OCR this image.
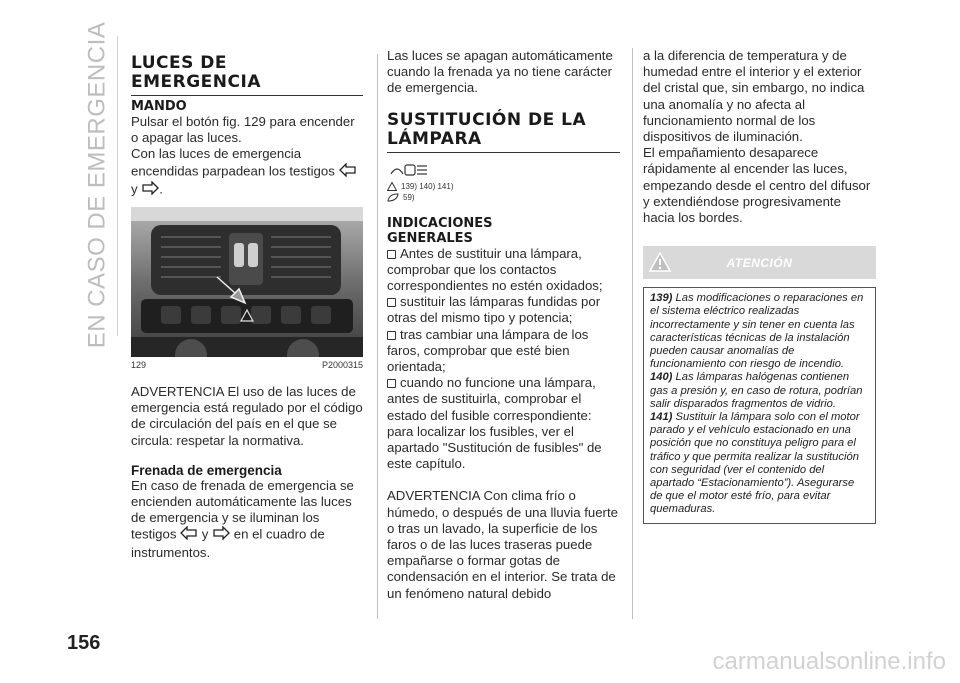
EN CASO DE EMERGENCIA LUCES DE
EMERGENCIA
MANDO

Pulsar el botón fig. 129 para encender o apagar las luces.

Con las luces de emergencia encendidas parpadean los testigos
y .

129	P2000315

ADVERTENCIA El uso de las luces de emergencia está regulado por el código de circulación del país en el que se circula: respetar la normativa.

Frenada de emergencia

En caso de frenada de emergencia se encienden automáticamente las luces de emergencia y se iluminan los testigos y en el cuadro de instrumentos.

Las luces se apagan automáticamente cuando la frenada ya no tiene carácter de emergencia.

SUSTITUCIÓN DE LA
LÁMPARA
139) 140) 141)
59)
INDICACIONES
GENERALES

Antes de sustituir una lámpara, comprobar que los contactos correspondientes no estén oxidados;

sustituir las lámparas fundidas por otras del mismo tipo y potencia;

tras cambiar una lámpara de los faros, comprobar que esté bien orientada;

cuando no funcione una lámpara, antes de sustituirla, comprobar el estado del fusible correspondiente: para localizar los fusibles, ver el apartado "Sustitución de fusibles" de este capítulo.

ADVERTENCIA Con clima frío o húmedo, o después de una lluvia fuerte o tras un lavado, la superficie de los faros o de las luces traseras puede empañarse o formar gotas de condensación en el interior. Se trata de un fenómeno natural debido

a la diferencia de temperatura y de humedad entre el interior y el exterior del cristal que, sin embargo, no indica una anomalía y no afecta al funcionamiento normal de los dispositivos de iluminación.

El empañamiento desaparece rápidamente al encender las luces, empezando desde el centro del difusor y extendiéndose progresivamente hacia los bordes.

ATENCIÓN

139) Las modificaciones o reparaciones en el sistema eléctrico realizadas incorrectamente y sin tener en cuenta las características técnicas de la instalación pueden causar anomalías de funcionamiento con riesgo de incendio.

140) Las lámparas halógenas contienen gas a presión y, en caso de rotura, podrían salir disparados fragmentos de vidrio.

141) Sustituir la lámpara solo con el motor parado y el vehículo estacionado en una posición que no constituya peligro para el tráfico y que permita realizar la sustitución con seguridad (ver el contenido del apartado “Estacionamiento”). Asegurarse de que el motor esté frío, para evitar quemaduras.

156
carmanualsonline.info
